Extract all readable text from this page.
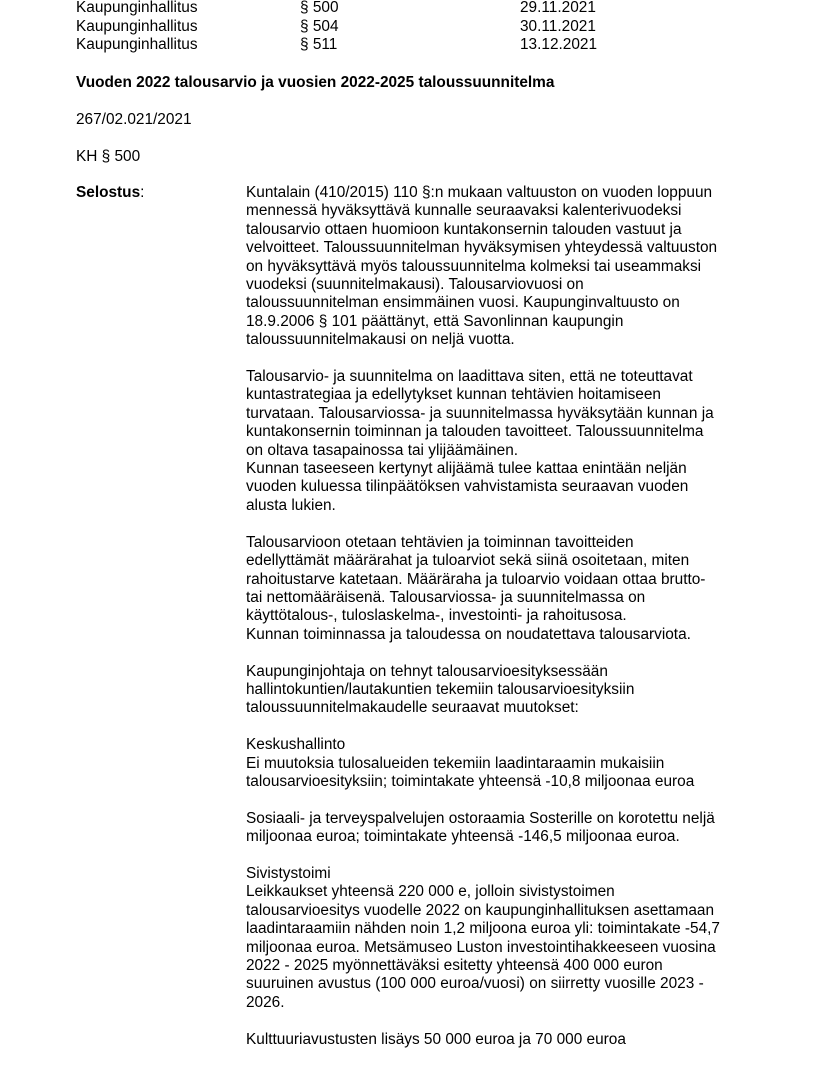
Kaupunginhallitus	§ 500	29.11.2021
Kaupunginhallitus	§ 504	30.11.2021
Kaupunginhallitus	§ 511	13.12.2021
Vuoden 2022 talousarvio ja vuosien 2022-2025 taloussuunnitelma

267/02.021/2021

KH § 500

Selostus:	Kuntalain (410/2015) 110 §:n mukaan valtuuston on vuoden loppuun
mennessä hyväksyttävä kunnalle seuraavaksi kalenterivuodeksi
talousarvio ottaen huomioon kuntakonsernin talouden vastuut ja
velvoitteet. Taloussuunnitelman hyväksymisen yhteydessä valtuuston
on hyväksyttävä myös taloussuunnitelma kolmeksi tai useammaksi
vuodeksi (suunnitelmakausi). Talousarviovuosi on
taloussuunnitelman ensimmäinen vuosi. Kaupunginvaltuusto on
18.9.2006 § 101 päättänyt, että Savonlinnan kaupungin
taloussuunnitelmakausi on neljä vuotta.

Talousarvio- ja suunnitelma on laadittava siten, että ne toteuttavat
kuntastrategiaa ja edellytykset kunnan tehtävien hoitamiseen
turvataan. Talousarviossa- ja suunnitelmassa hyväksytään kunnan ja
kuntakonsernin toiminnan ja talouden tavoitteet. Taloussuunnitelma
on oltava tasapainossa tai ylijäämäinen.
Kunnan taseeseen kertynyt alijäämä tulee kattaa enintään neljän
vuoden kuluessa tilinpäätöksen vahvistamista seuraavan vuoden
alusta lukien.

Talousarvioon otetaan tehtävien ja toiminnan tavoitteiden
edellyttämät määrärahat ja tuloarviot sekä siinä osoitetaan, miten
rahoitustarve katetaan. Määräraha ja tuloarvio voidaan ottaa brutto-
tai nettomääräisenä. Talousarviossa- ja suunnitelmassa on
käyttötalous-, tuloslaskelma-, investointi- ja rahoitusosa.
Kunnan toiminnassa ja taloudessa on noudatettava talousarviota.

Kaupunginjohtaja on tehnyt talousarvioesityksessään
hallintokuntien/lautakuntien tekemiin talousarvioesityksiin
taloussuunnitelmakaudelle seuraavat muutokset:

Keskushallinto
Ei muutoksia tulosalueiden tekemiin laadintaraamin mukaisiin
talousarvioesityksiin; toimintakate yhteensä -10,8 miljoonaa euroa

Sosiaali- ja terveyspalvelujen ostoraamia Sosterille on korotettu neljä
miljoonaa euroa; toimintakate yhteensä -146,5 miljoonaa euroa.

Sivistystoimi
Leikkaukset yhteensä 220 000 e, jolloin sivistystoimen
talousarvioesitys vuodelle 2022 on kaupunginhallituksen asettamaan
laadintaraamiin nähden noin 1,2 miljoona euroa yli: toimintakate -54,7
miljoonaa euroa. Metsämuseo Luston investointihakkeeseen vuosina
2022 - 2025 myönnettäväksi esitetty yhteensä 400 000 euron
suuruinen avustus (100 000 euroa/vuosi) on siirretty vuosille 2023 -
2026.

Kulttuuriavustusten lisäys 50 000 euroa ja 70 000 euroa
